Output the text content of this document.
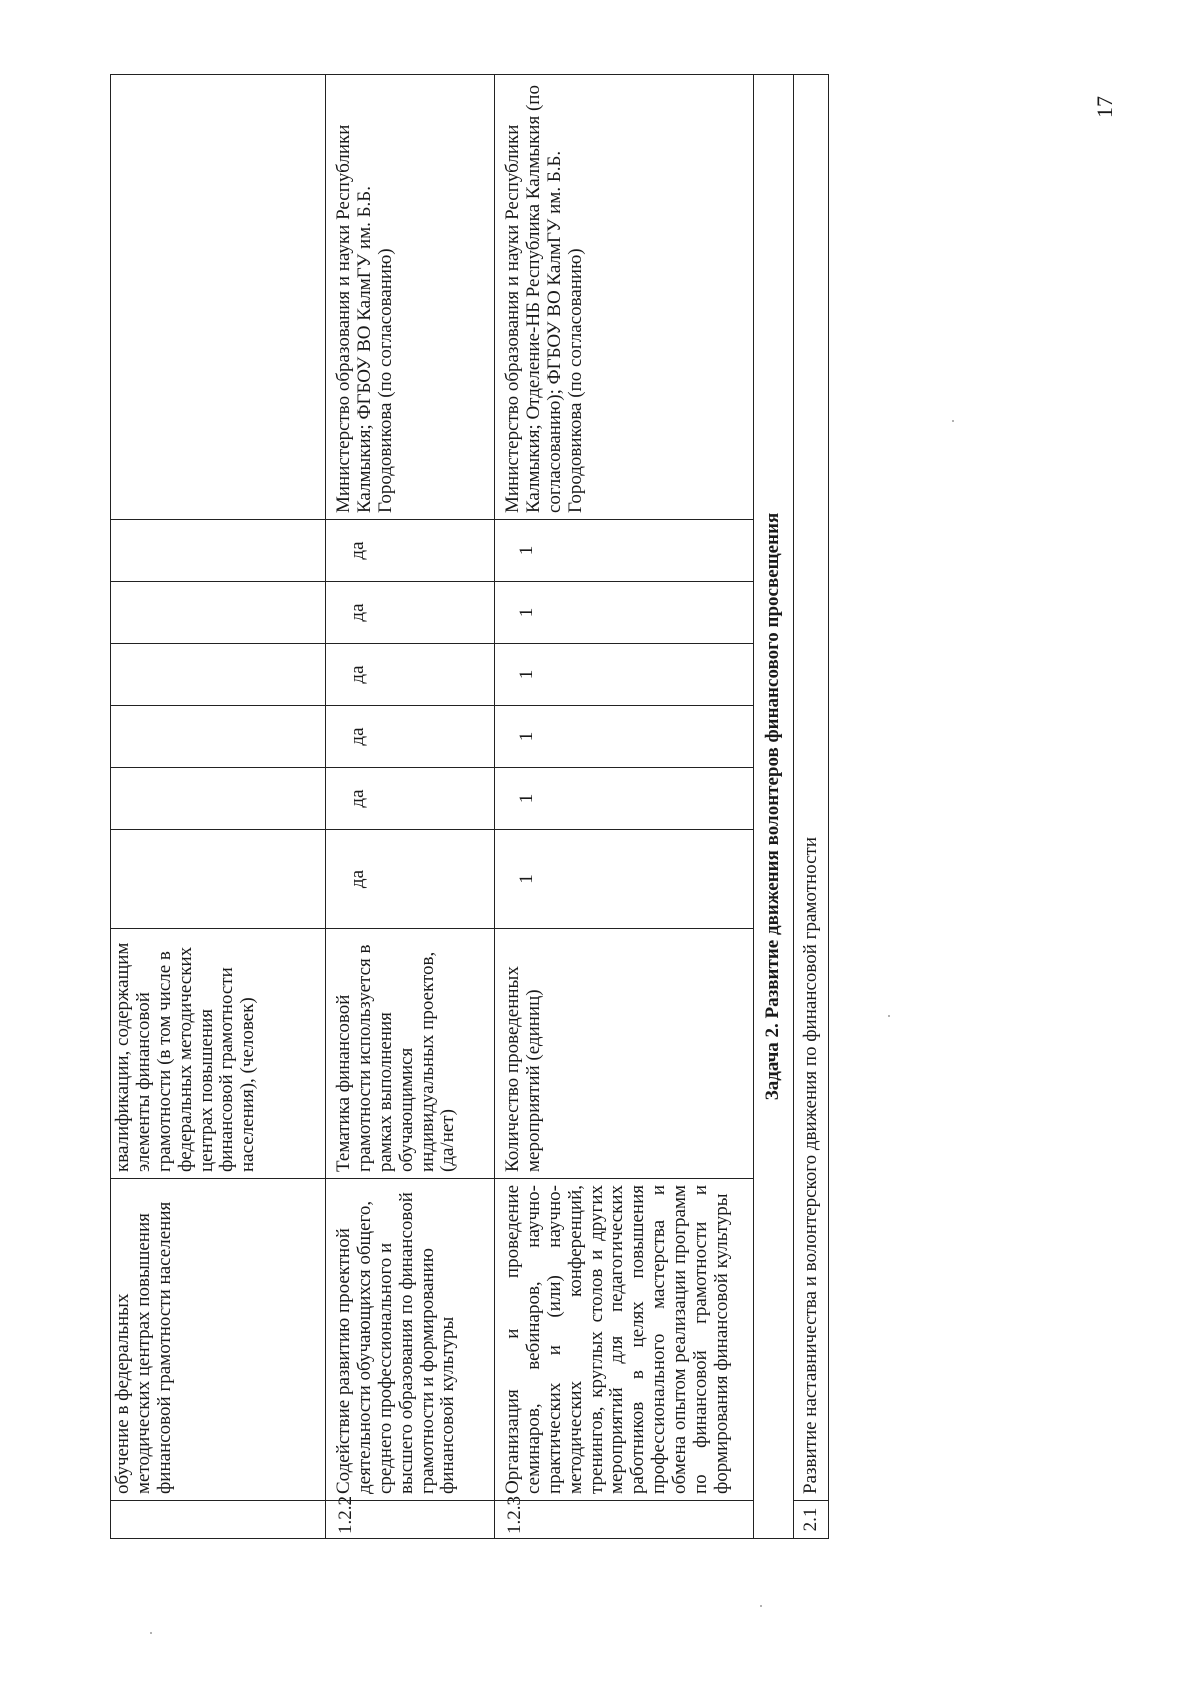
17
	обучение в федеральных методических центрах повышения финансовой грамотности населения	квалификации, содержащим элементы финансовой грамотности (в том числе в федеральных методических центрах повышения финансовой грамотности населения), (человек)							
1.2.2	Содействие развитию проектной деятельности обучающихся общего, среднего профессионального и высшего образования по финансовой грамотности и формированию финансовой культуры	Тематика финансовой грамотности используется в рамках выполнения обучающимися индивидуальных проектов, (да/нет)	да	да	да	да	да	да	Министерство образования и науки Республики Калмыкия; ФГБОУ ВО КалмГУ им. Б.Б. Городовикова (по согласованию)
1.2.3	Организация и проведение семинаров, вебинаров, научно-практических и (или) научно-методических конференций, тренингов, круглых столов и других мероприятий для педагогических работников в целях повышения профессионального мастерства и обмена опытом реализации программ по финансовой грамотности и формирования финансовой культуры	Количество проведенных мероприятий (единиц)	1	1	1	1	1	1	Министерство образования и науки Республики Калмыкия; Отделение-НБ Республика Калмыкия (по согласованию); ФГБОУ ВО КалмГУ им. Б.Б. Городовикова (по согласованию)
Задача 2. Развитие движения волонтеров финансового просвещения									
2.1	Развитие наставничества и волонтерского движения по финансовой грамотности								
